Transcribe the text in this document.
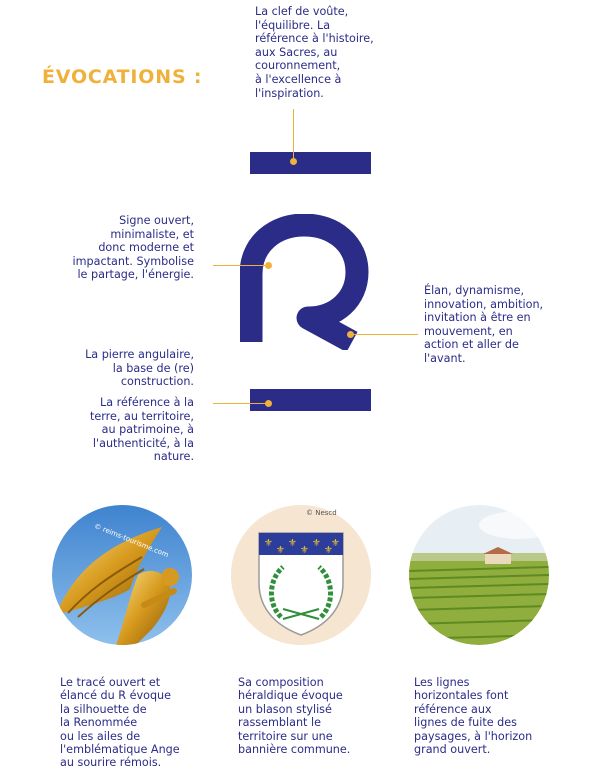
ÉVOCATIONS :
La clef de voûte,
l'équilibre. La
référence à l'histoire,
aux Sacres, au
couronnement,
à l'excellence à
l'inspiration.
Signe ouvert,
minimaliste, et
donc moderne et
impactant. Symbolise
le partage, l'énergie.
Élan, dynamisme,
innovation, ambition,
invitation à être en
mouvement, en
action et aller de
l'avant.
La pierre angulaire,
la base de (re)
construction.
La référence à la
terre, au territoire,
au patrimoine, à
l'authenticité, à la
nature.
© reims-tourisme.com	⚜
⚜
⚜
⚜
⚜
⚜
⚜
© Nescd
Le tracé ouvert et
élancé du R évoque
la silhouette de
la Renommée
ou les ailes de
l'emblématique Ange
au sourire rémois.
Sa composition
héraldique évoque
un blason stylisé
rassemblant le
territoire sur une
bannière commune.
Les lignes
horizontales font
référence aux
lignes de fuite des
paysages, à l'horizon
grand ouvert.
